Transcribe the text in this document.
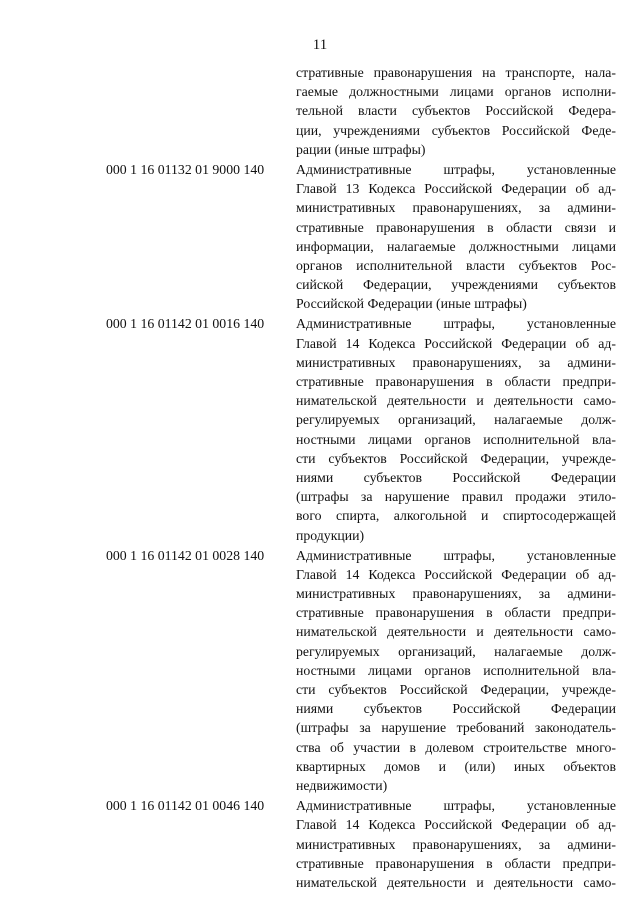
11
стративные правонарушения на транспорте, нала-
гаемые должностными лицами органов исполни-
тельной власти субъектов Российской Федера-
ции, учреждениями субъектов Российской Феде-
рации (иные штрафы)
000 1 16 01132 01 9000 140	Административные штрафы, установленные
Главой 13 Кодекса Российской Федерации об ад-
министративных правонарушениях, за админи-
стративные правонарушения в области связи и
информации, налагаемые должностными лицами
органов исполнительной власти субъектов Рос-
сийской Федерации, учреждениями субъектов
Российской Федерации (иные штрафы)
000 1 16 01142 01 0016 140	Административные штрафы, установленные
Главой 14 Кодекса Российской Федерации об ад-
министративных правонарушениях, за админи-
стративные правонарушения в области предпри-
нимательской деятельности и деятельности само-
регулируемых организаций, налагаемые долж-
ностными лицами органов исполнительной вла-
сти субъектов Российской Федерации, учрежде-
ниями субъектов Российской Федерации
(штрафы за нарушение правил продажи этило-
вого спирта, алкогольной и спиртосодержащей
продукции)
000 1 16 01142 01 0028 140	Административные штрафы, установленные
Главой 14 Кодекса Российской Федерации об ад-
министративных правонарушениях, за админи-
стративные правонарушения в области предпри-
нимательской деятельности и деятельности само-
регулируемых организаций, налагаемые долж-
ностными лицами органов исполнительной вла-
сти субъектов Российской Федерации, учрежде-
ниями субъектов Российской Федерации
(штрафы за нарушение требований законодатель-
ства об участии в долевом строительстве много-
квартирных домов и (или) иных объектов
недвижимости)
000 1 16 01142 01 0046 140	Административные штрафы, установленные
Главой 14 Кодекса Российской Федерации об ад-
министративных правонарушениях, за админи-
стративные правонарушения в области предпри-
нимательской деятельности и деятельности само-
